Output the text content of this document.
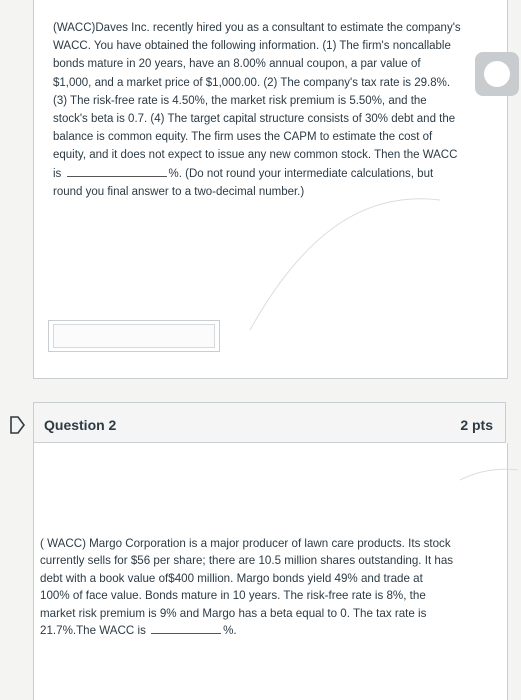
(WACC)Daves Inc. recently hired you as a consultant to estimate the company's WACC. You have obtained the following information. (1) The firm's noncallable bonds mature in 20 years, have an 8.00% annual coupon, a par value of $1,000, and a market price of $1,000.00. (2) The company's tax rate is 29.8%. (3) The risk-free rate is 4.50%, the market risk premium is 5.50%, and the stock's beta is 0.7. (4) The target capital structure consists of 30% debt and the balance is common equity. The firm uses the CAPM to estimate the cost of equity, and it does not expect to issue any new common stock. Then the WACC is	%. (Do not round your intermediate calculations, but round you final answer to a two-decimal number.)

Question 2	2 pts

( WACC) Margo Corporation is a major producer of lawn care products. Its stock currently sells for $56 per share; there are 10.5 million shares outstanding. It has debt with a book value of$400 million. Margo bonds yield 49% and trade at 100% of face value. Bonds mature in 10 years. The risk-free rate is 8%, the market risk premium is 9% and Margo has a beta equal to 0. The tax rate is 21.7%.The WACC is	%.
